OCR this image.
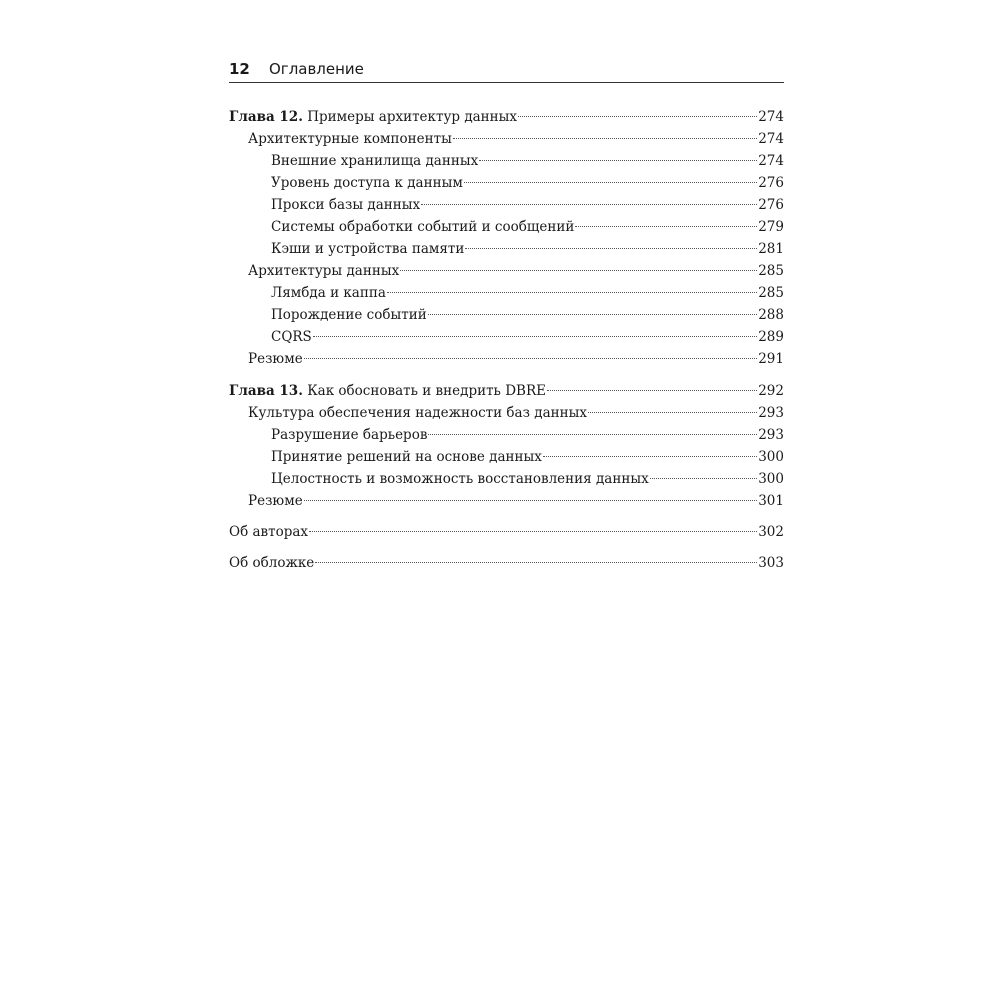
12 Оглавление
Глава 12. Примеры архитектур данных	274
Архитектурные компоненты	274
Внешние хранилища данных	274
Уровень доступа к данным	276
Прокси базы данных	276
Системы обработки событий и сообщений	279
Кэши и устройства памяти	281
Архитектуры данных	285
Лямбда и каппа	285
Порождение событий	288
CQRS	289
Резюме	291
Глава 13. Как обосновать и внедрить DBRE	292
Культура обеспечения надежности баз данных	293
Разрушение барьеров	293
Принятие решений на основе данных	300
Целостность и возможность восстановления данных	300
Резюме	301
Об авторах	302
Об обложке	303
